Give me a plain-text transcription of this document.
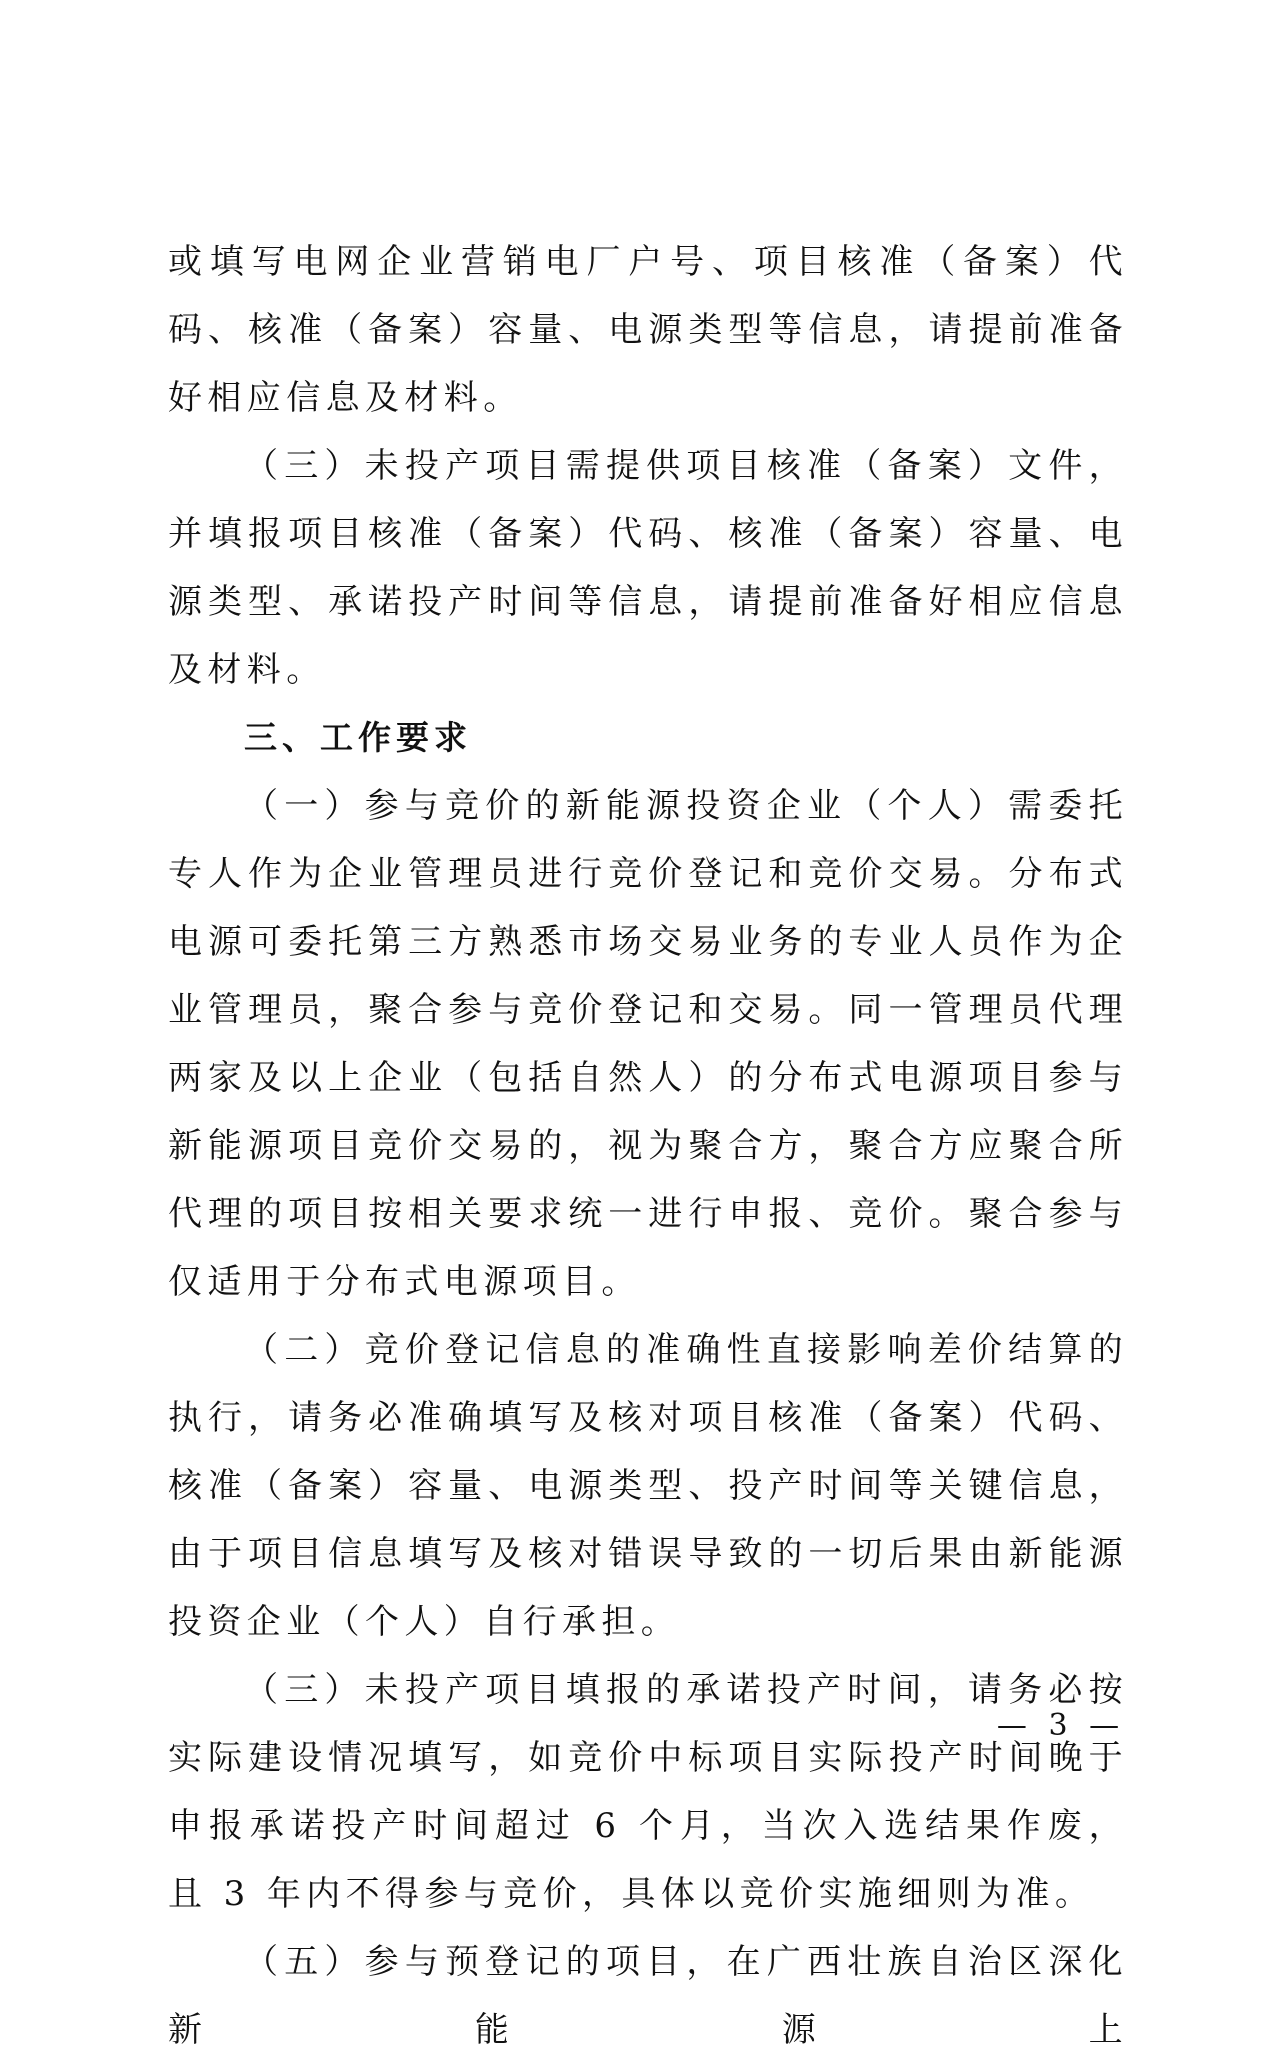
或填写电网企业营销电厂户号、项目核准（备案）代码、核准（备案）容量、电源类型等信息，请提前准备好相应信息及材料。

（三）未投产项目需提供项目核准（备案）文件，并填报项目核准（备案）代码、核准（备案）容量、电源类型、承诺投产时间等信息，请提前准备好相应信息及材料。

三、工作要求

（一）参与竞价的新能源投资企业（个人）需委托专人作为企业管理员进行竞价登记和竞价交易。分布式电源可委托第三方熟悉市场交易业务的专业人员作为企业管理员，聚合参与竞价登记和交易。同一管理员代理两家及以上企业（包括自然人）的分布式电源项目参与新能源项目竞价交易的，视为聚合方，聚合方应聚合所代理的项目按相关要求统一进行申报、竞价。聚合参与仅适用于分布式电源项目。

（二）竞价登记信息的准确性直接影响差价结算的执行，请务必准确填写及核对项目核准（备案）代码、核准（备案）容量、电源类型、投产时间等关键信息，由于项目信息填写及核对错误导致的一切后果由新能源投资企业（个人）自行承担。

（三）未投产项目填报的承诺投产时间，请务必按实际建设情况填写，如竞价中标项目实际投产时间晚于申报承诺投产时间超过 6 个月，当次入选结果作废，且 3 年内不得参与竞价，具体以竞价实施细则为准。

（五）参与预登记的项目，在广西壮族自治区深化新能源上

— 3 —
